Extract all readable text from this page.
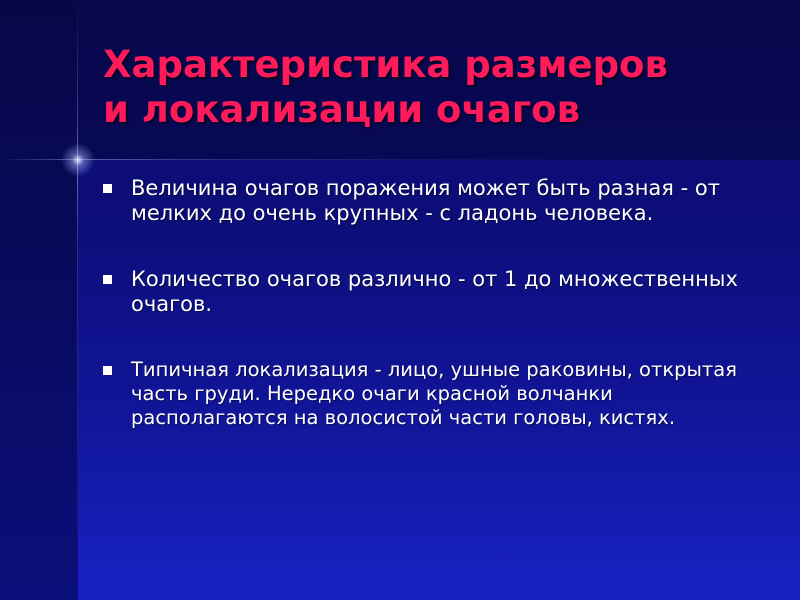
Характеристика размеров
и локализации очагов
Величина очагов поражения может быть разная - от мелких до очень крупных - с ладонь человека.
Количество очагов различно - от 1 до множественных очагов.
Типичная локализация - лицо, ушные раковины, открытая часть груди. Нередко очаги красной волчанки располагаются на волосистой части головы, кистях.
